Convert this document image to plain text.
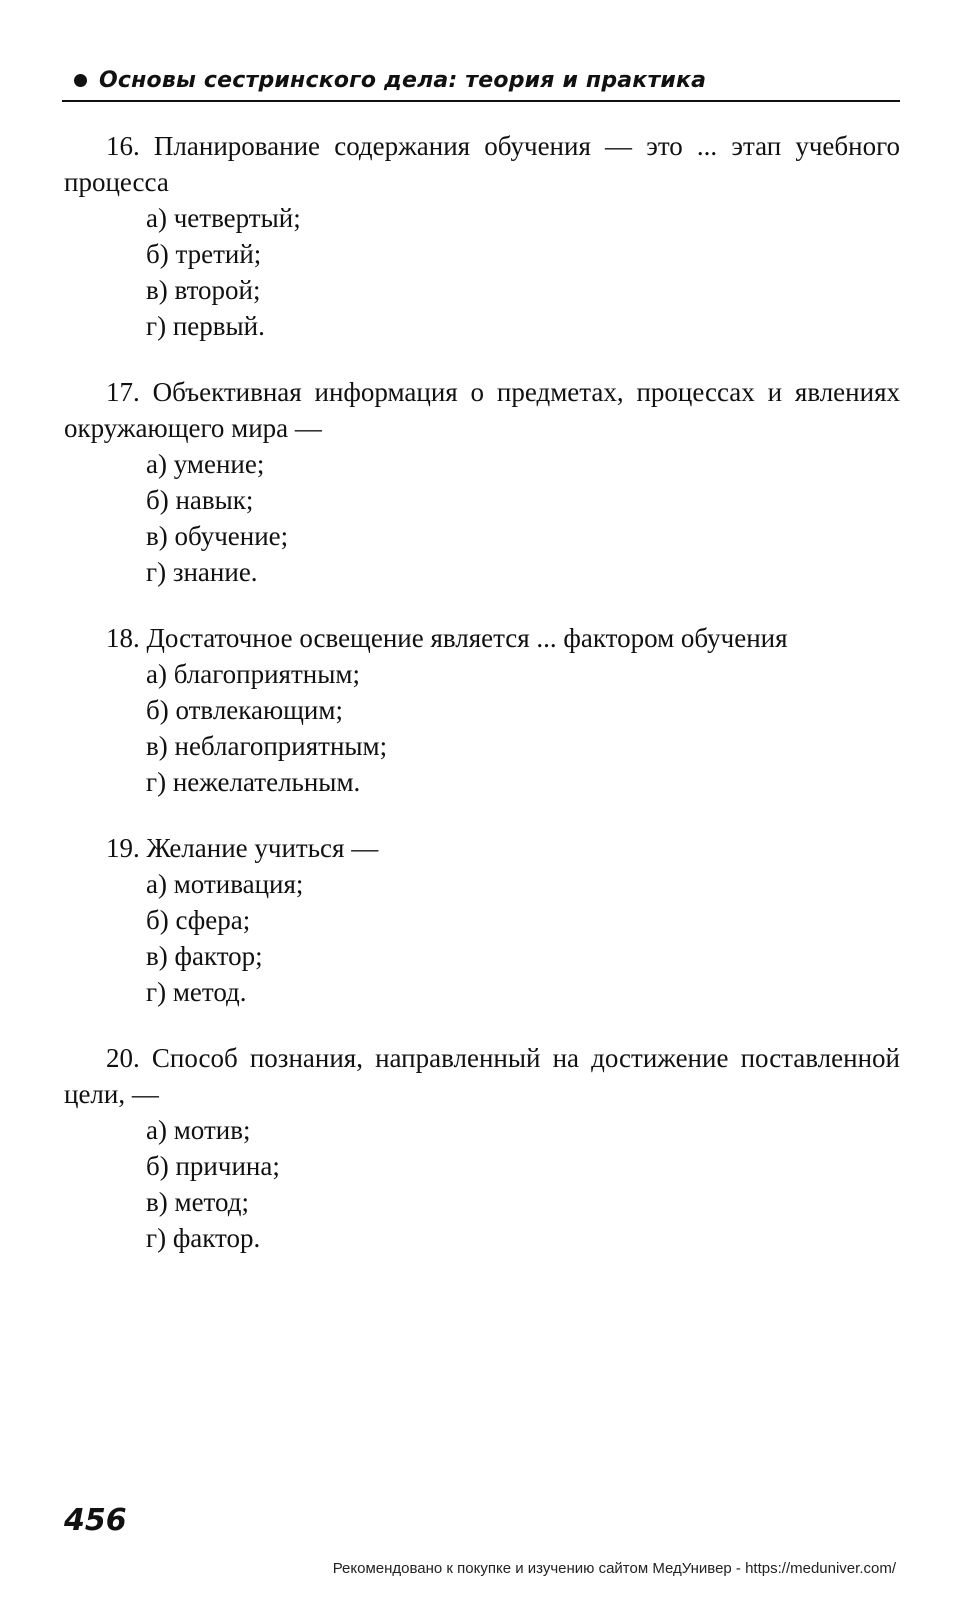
Основы сестринского дела: теория и практика

16. Планирование содержания обучения — это ... этап учебного процесса

а) четвертый;
б) третий;
в) второй;
г) первый.

17. Объективная информация о предметах, процессах и явлениях окружающего мира —

а) умение;
б) навык;
в) обучение;
г) знание.

18. Достаточное освещение является ... фактором обучения

а) благоприятным;
б) отвлекающим;
в) неблагоприятным;
г) нежелательным.

19. Желание учиться —

а) мотивация;
б) сфера;
в) фактор;
г) метод.

20. Способ познания, направленный на достижение поставленной цели, —

а) мотив;
б) причина;
в) метод;
г) фактор.
456
Рекомендовано к покупке и изучению сайтом МедУнивер - https://meduniver.com/
